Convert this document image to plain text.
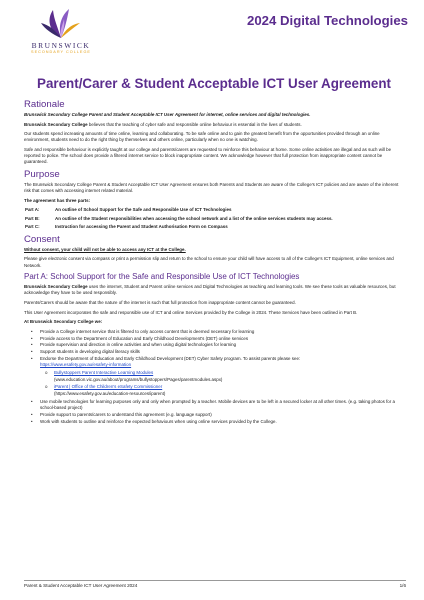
BRUNSWICK
SECONDARY COLLEGE
2024 Digital Technologies
Parent/Carer & Student Acceptable ICT User Agreement
Rationale

Brunswick Secondary College Parent and Student Acceptable ICT User Agreement for internet, online services and digital technologies.

Brunswick Secondary College believes that the teaching of cyber safe and responsible online behaviour is essential in the lives of students.

Our students spend increasing amounts of time online, learning and collaborating. To be safe online and to gain the greatest benefit from the opportunities provided through an online environment, students need to do the right thing by themselves and others online, particularly when no one is watching.

Safe and responsible behaviour is explicitly taught at our college and parents/carers are requested to reinforce this behaviour at home. Some online activities are illegal and as such will be reported to police. The school does provide a filtered internet service to block inappropriate content. We acknowledge however that full protection from inappropriate content cannot be guaranteed.

Purpose

The Brunswick Secondary College Parent & Student Acceptable ICT User Agreement ensures both Parents and Students are aware of the College's ICT policies and are aware of the inherent risk that comes with accessing internet related material.

The agreement has three parts:

Part A:	An outline of School Support for the Safe and Responsible Use of ICT Technologies
Part B:	An outline of the Student responsibilities when accessing the school network and a list of the online services students may access.
Part C:	Instruction for accessing the Parent and Student Authorisation Form on Compass
Consent

Without consent, your child will not be able to access any ICT at the College.

Please give electronic consent via compass or print a permission slip and return to the school to ensure your child will have access to all of the College's ICT Equipment, online services and Network.

Part A: School Support for the Safe and Responsible Use of ICT Technologies

Brunswick Secondary College uses the internet, Student and Parent online services and Digital Technologies as teaching and learning tools. We see these tools as valuable resources, but acknowledge they have to be used responsibly.

Parents/Carers should be aware that the nature of the internet is such that full protection from inappropriate content cannot be guaranteed.

This User Agreement incorporates the safe and responsible use of ICT and online Services provided by the College in 2024. These Services have been outlined in Part B.

At Brunswick Secondary College we:

• Provide a College internet service that is filtered to only access content that is deemed necessary for learning
• Provide access to the Department of Education and Early Childhood Development's (DET) online services
• Provide supervision and direction in online activities and when using digital technologies for learning
• Support students in developing digital literacy skills
• Endorse the Department of Education and Early Childhood Development (DET) Cyber Safety program. To assist parents please see:
https://www.esafety.gov.au/esafety-information
o Bullystoppers Parent Interactive Learning Modules
(www.education.vic.gov.au/about/programs/bullystoppers/Pages/parentmodules.aspx)
o iParent | Office of the Children's eSafety Commissioner
(https://www.esafety.gov.au/education-resources/iparent)
• Use mobile technologies for learning purposes only and only when prompted by a teacher. Mobile devices are to be left in a secured locker at all other times. (e.g. taking photos for a school-based project)
• Provide support to parents/carers to understand this agreement (e.g. language support)
• Work with students to outline and reinforce the expected behaviours when using online services provided by the College.
Parent & Student Acceptable ICT User Agreement 2024	1/6
